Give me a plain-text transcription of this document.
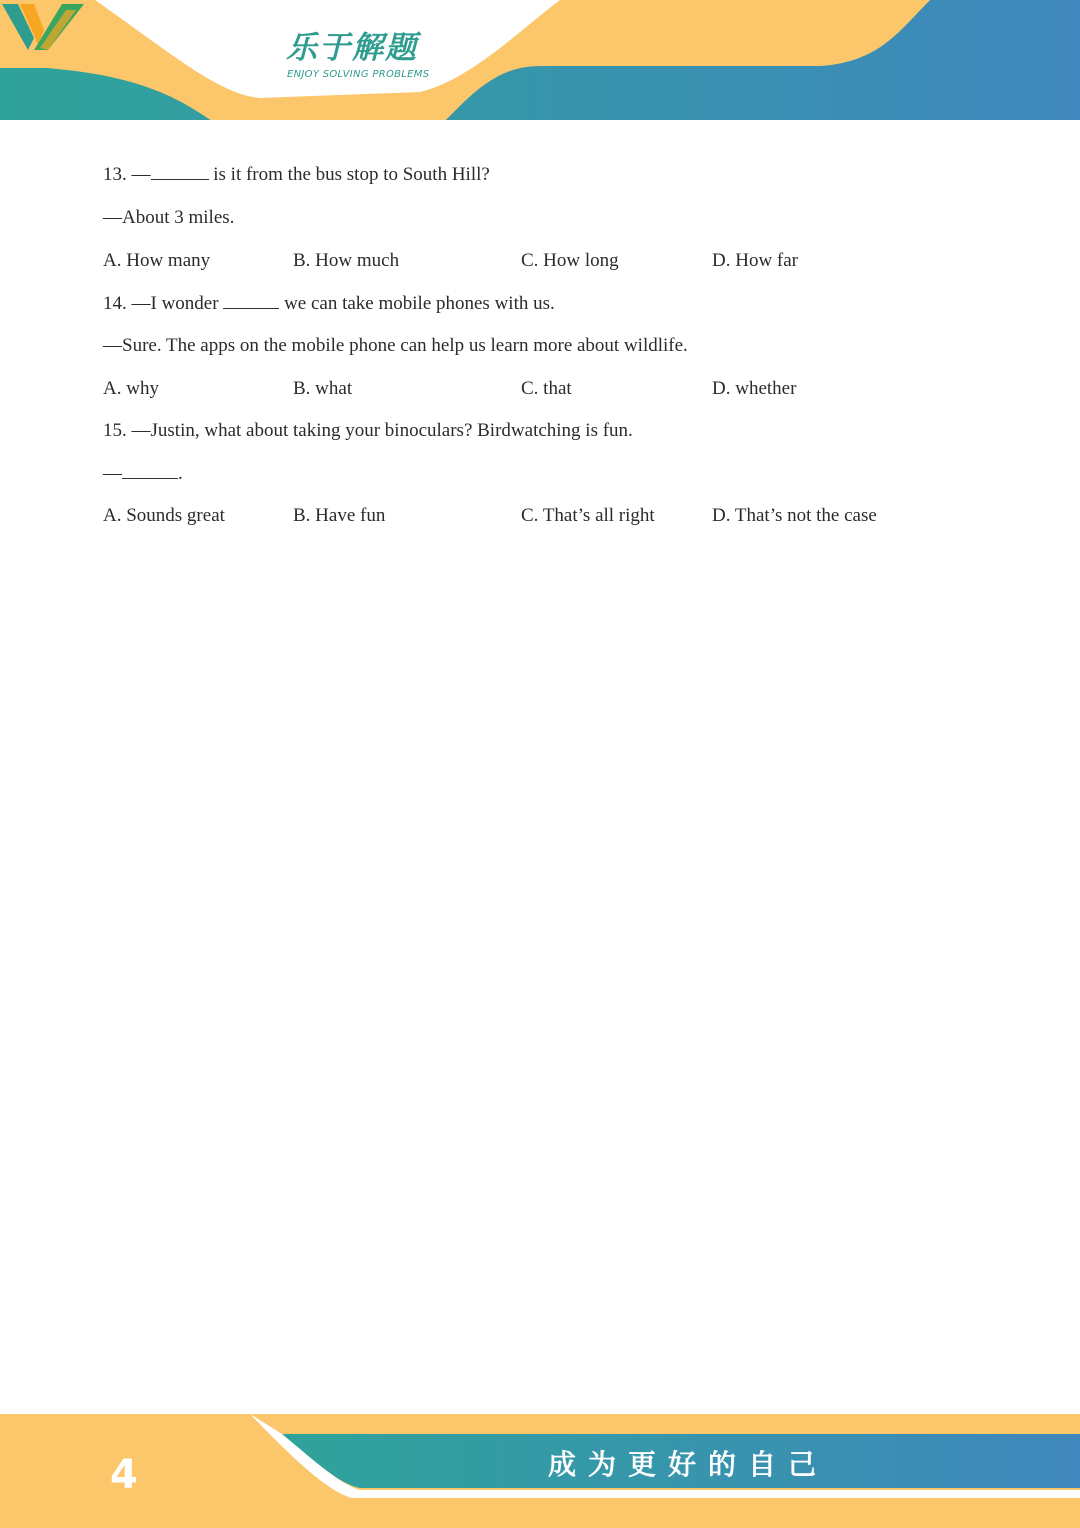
乐于解题
ENJOY SOLVING PROBLEMS
13. —	is it from the bus stop to South Hill?
—About 3 miles.
A. How many	B. How much	C. How long	D. How far
14. —I wonder	we can take mobile phones with us.
—Sure. The apps on the mobile phone can help us learn more about wildlife.
A. why	B. what	C. that	D. whether
15. —Justin, what about taking your binoculars? Birdwatching is fun.
—	.
A. Sounds great	B. Have fun	C. That’s all right	D. That’s not the case
4	成为更好的自己
